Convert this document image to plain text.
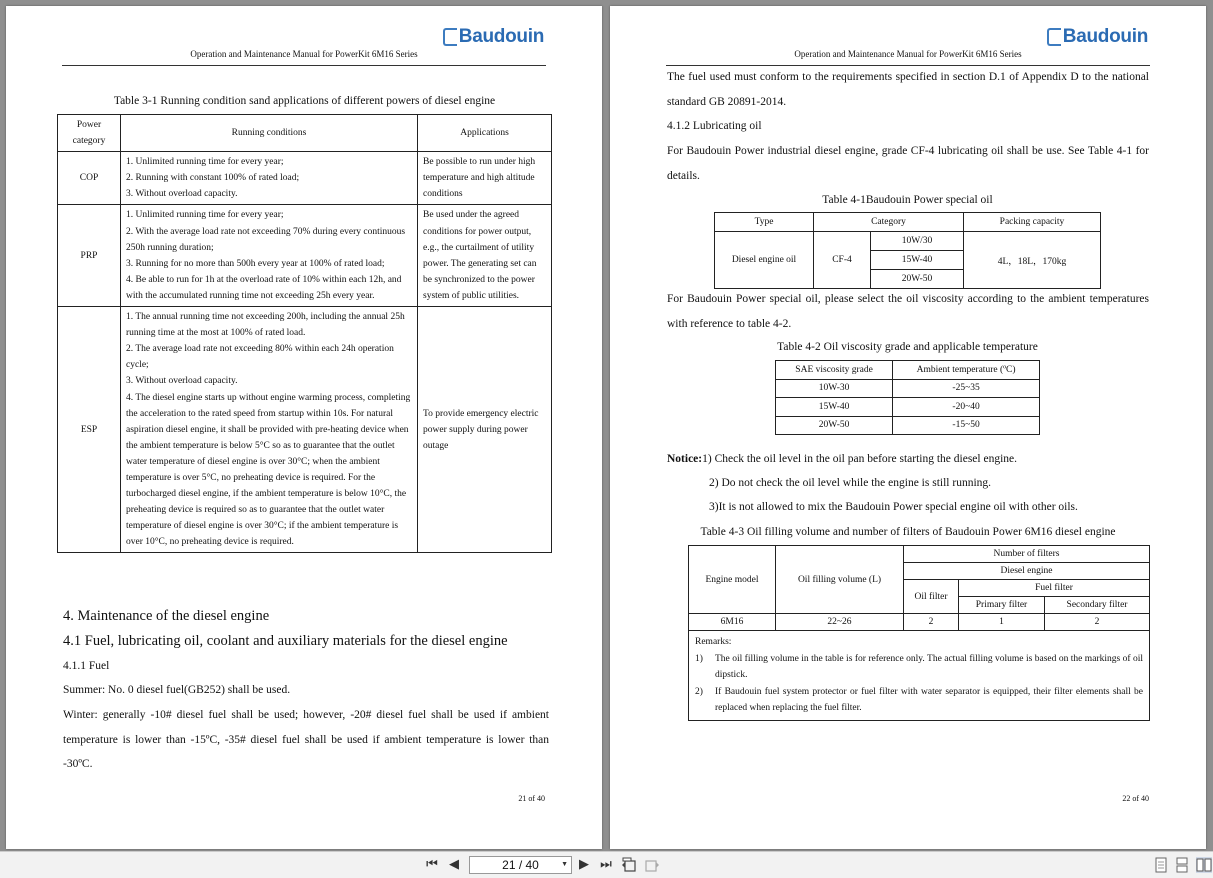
Baudouin
Operation and Maintenance Manual for PowerKit 6M16 Series
Table 3-1 Running condition sand applications of different powers of diesel engine
Power category	Running conditions	Applications
COP	1. Unlimited running time for every year;
2. Running with constant 100% of rated load;
3. Without overload capacity.	Be possible to run under high temperature and high altitude conditions
PRP	1. Unlimited running time for every year;
2. With the average load rate not exceeding 70% during every continuous 250h running duration;
3. Running for no more than 500h every year at 100% of rated load;
4. Be able to run for 1h at the overload rate of 10% within each 12h, and with the accumulated running time not exceeding 25h every year.	Be used under the agreed conditions for power output, e.g., the curtailment of utility power. The generating set can be synchronized to the power system of public utilities.
ESP	1. The annual running time not exceeding 200h, including the annual 25h running time at the most at 100% of rated load.
2. The average load rate not exceeding 80% within each 24h operation cycle;
3. Without overload capacity.
4. The diesel engine starts up without engine warming process, completing the acceleration to the rated speed from startup within 10s. For natural aspiration diesel engine, it shall be provided with pre-heating device when the ambient temperature is below 5°C so as to guarantee that the outlet water temperature of diesel engine is over 30°C; when the ambient temperature is over 5°C, no preheating device is required. For the turbocharged diesel engine, if the ambient temperature is below 10°C, the preheating device is required so as to guarantee that the outlet water temperature of diesel engine is over 30°C; if the ambient temperature is over 10°C, no preheating device is required.	To provide emergency electric power supply during power outage
4. Maintenance of the diesel engine
4.1 Fuel, lubricating oil, coolant and auxiliary materials for the diesel engine
4.1.1 Fuel
Summer: No. 0 diesel fuel(GB252) shall be used.
Winter: generally -10# diesel fuel shall be used; however, -20# diesel fuel shall be used if ambient temperature is lower than -15ºC, -35# diesel fuel shall be used if ambient temperature is lower than -30ºC.
21 of 40
Baudouin
Operation and Maintenance Manual for PowerKit 6M16 Series
The fuel used must conform to the requirements specified in section D.1 of Appendix D to the national standard GB 20891-2014.
4.1.2 Lubricating oil
For Baudouin Power industrial diesel engine, grade CF-4 lubricating oil shall be use. See Table 4-1 for details.
Table 4-1Baudouin Power special oil
Type	Category		Packing capacity
Diesel engine oil	CF-4	10W/30	4L，18L，170kg
		15W-40	
		20W-50	
For Baudouin Power special oil, please select the oil viscosity according to the ambient temperatures with reference to table 4-2.
Table 4-2 Oil viscosity grade and applicable temperature
SAE viscosity grade	Ambient temperature (ºC)
10W-30	-25~35
15W-40	-20~40
20W-50	-15~50
Notice:1) Check the oil level in the oil pan before starting the diesel engine.
2) Do not check the oil level while the engine is still running.
3)It is not allowed to mix the Baudouin Power special engine oil with other oils.
Table 4-3 Oil filling volume and number of filters of Baudouin Power 6M16 diesel engine
Engine model	Oil filling volume (L)	Number of filters		
		Diesel engine		
		Oil filter	Fuel filter	
			Primary filter	Secondary filter
6M16	22~26	2	1	2

Remarks:
1) The oil filling volume in the table is for reference only. The actual filling volume is based on the markings of oil dipstick.
2) If Baudouin fuel system protector or fuel filter with water separator is equipped, their filter elements shall be replaced when replacing the fuel filter.				
22 of 40
⏮ ◀	21 / 40	▼ ▶ ⏭
